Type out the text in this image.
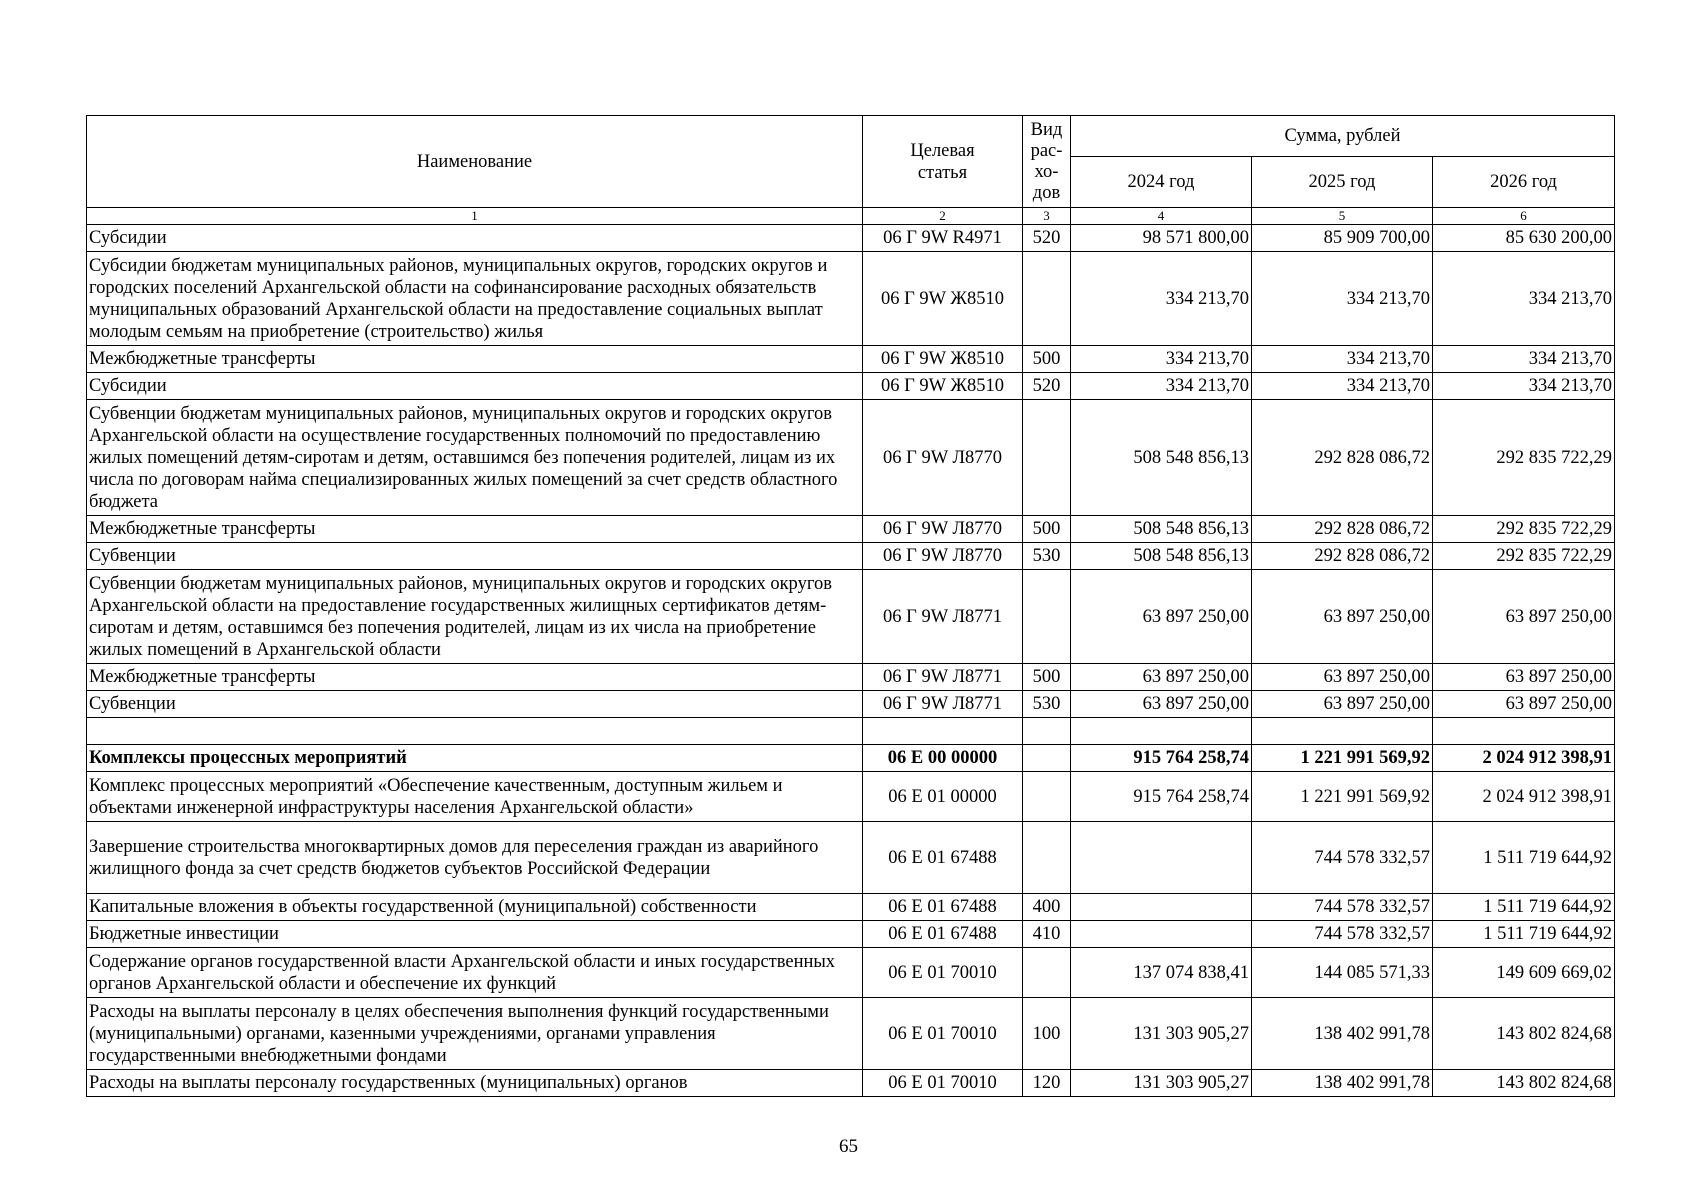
Наименование	Целевая статья	Вид рас-
хо-
дов	Сумма, рублей		
			2024 год	2025 год	2026 год
1	2	3	4	5	6
Субсидии	06 Г 9W R4971	520	98 571 800,00	85 909 700,00	85 630 200,00
Субсидии бюджетам муниципальных районов, муниципальных округов, городских округов и городских поселений Архангельской области на софинансирование расходных обязательств муниципальных образований Архангельской области на предоставление социальных выплат молодым семьям на приобретение (строительство) жилья	06 Г 9W Ж8510		334 213,70	334 213,70	334 213,70
Межбюджетные трансферты	06 Г 9W Ж8510	500	334 213,70	334 213,70	334 213,70
Субсидии	06 Г 9W Ж8510	520	334 213,70	334 213,70	334 213,70
Субвенции бюджетам муниципальных районов, муниципальных округов и городских округов Архангельской области на осуществление государственных полномочий по предоставлению жилых помещений детям-сиротам и детям, оставшимся без попечения родителей, лицам из их числа по договорам найма специализированных жилых помещений за счет средств областного бюджета	06 Г 9W Л8770		508 548 856,13	292 828 086,72	292 835 722,29
Межбюджетные трансферты	06 Г 9W Л8770	500	508 548 856,13	292 828 086,72	292 835 722,29
Субвенции	06 Г 9W Л8770	530	508 548 856,13	292 828 086,72	292 835 722,29
Субвенции бюджетам муниципальных районов, муниципальных округов и городских округов Архангельской области на предоставление государственных жилищных сертификатов детям-сиротам и детям, оставшимся без попечения родителей, лицам из их числа на приобретение жилых помещений в Архангельской области	06 Г 9W Л8771		63 897 250,00	63 897 250,00	63 897 250,00
Межбюджетные трансферты	06 Г 9W Л8771	500	63 897 250,00	63 897 250,00	63 897 250,00
Субвенции	06 Г 9W Л8771	530	63 897 250,00	63 897 250,00	63 897 250,00

Комплексы процессных мероприятий	06 Е 00 00000		915 764 258,74	1 221 991 569,92	2 024 912 398,91
Комплекс процессных мероприятий «Обеспечение качественным, доступным жильем и объектами инженерной инфраструктуры населения Архангельской области»	06 Е 01 00000		915 764 258,74	1 221 991 569,92	2 024 912 398,91
Завершение строительства многоквартирных домов для переселения граждан из аварийного жилищного фонда за счет средств бюджетов субъектов Российской Федерации	06 Е 01 67488			744 578 332,57	1 511 719 644,92
Капитальные вложения в объекты государственной (муниципальной) собственности	06 Е 01 67488	400		744 578 332,57	1 511 719 644,92
Бюджетные инвестиции	06 Е 01 67488	410		744 578 332,57	1 511 719 644,92
Содержание органов государственной власти Архангельской области и иных государственных органов Архангельской области и обеспечение их функций	06 Е 01 70010		137 074 838,41	144 085 571,33	149 609 669,02
Расходы на выплаты персоналу в целях обеспечения выполнения функций государственными (муниципальными) органами, казенными учреждениями, органами управления государственными внебюджетными фондами	06 Е 01 70010	100	131 303 905,27	138 402 991,78	143 802 824,68
Расходы на выплаты персоналу государственных (муниципальных) органов	06 Е 01 70010	120	131 303 905,27	138 402 991,78	143 802 824,68
65
